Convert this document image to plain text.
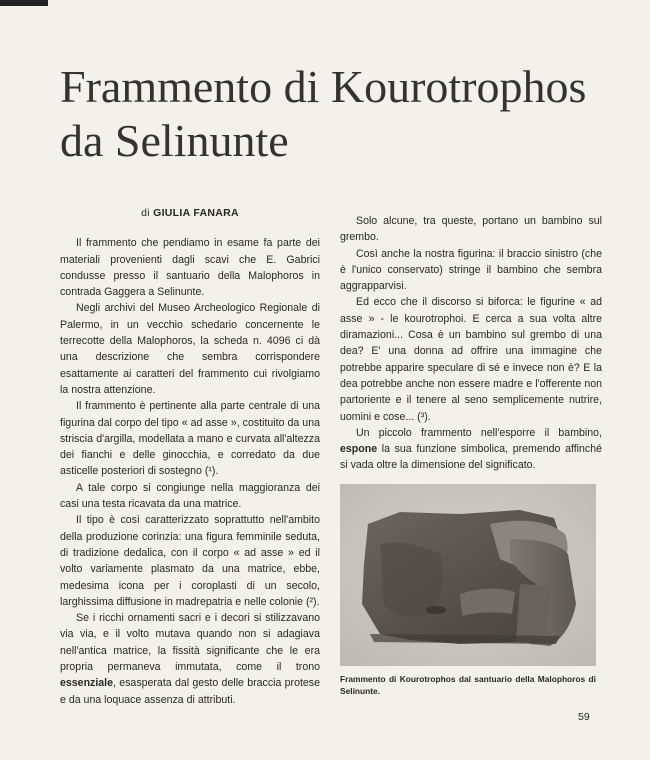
Frammento di Kourotrophos
da Selinunte
di GIULIA FANARA

Il frammento che pendiamo in esame fa parte dei materiali provenienti dagli scavi che E. Gabrici condusse presso il santuario della Malophoros in contrada Gaggera a Selinunte.

Negli archivi del Museo Archeologico Regionale di Palermo, in un vecchio schedario concernente le terrecotte della Malophoros, la scheda n. 4096 ci dà una descrizione che sembra corrispondere esattamente ai caratteri del frammento cui rivolgiamo la nostra attenzione.

Il frammento è pertinente alla parte centrale di una figurina dal corpo del tipo « ad asse », costituito da una striscia d'argilla, modellata a mano e curvata all'altezza dei fianchi e delle ginocchia, e corredato da due asticelle posteriori di sostegno (¹).

A tale corpo si congiunge nella maggioranza dei casi una testa ricavata da una matrice.

Il tipo è così caratterizzato soprattutto nell'ambito della produzione corinzia: una figura femminile seduta, di tradizione dedalica, con il corpo « ad asse » ed il volto variamente plasmato da una matrice, ebbe, medesima icona per i coroplasti di un secolo, larghissima diffusione in madrepatria e nelle colonie (²).

Se i ricchi ornamenti sacri e i decori si stilizzavano via via, e il volto mutava quando non si adagiava nell'antica matrice, la fissità significante che le era propria permaneva immutata, come il trono essenziale, esasperata dal gesto delle braccia protese e da una loquace assenza di attributi.

Solo alcune, tra queste, portano un bambino sul grembo.

Così anche la nostra figurina: il braccio sinistro (che è l'unico conservato) stringe il bambino che sembra aggrapparvisi.

Ed ecco che il discorso si biforca: le figurine « ad asse » - le kourotrophoi. E cerca a sua volta altre diramazioni... Cosa è un bambino sul grembo di una dea? E' una donna ad offrire una immagine che potrebbe apparire speculare di sé e invece non è? E la dea potrebbe anche non essere madre e l'offerente non partoriente e il tenere al seno semplicemente nutrire, uomini e cose... (³).

Un piccolo frammento nell'esporre il bambino, espone la sua funzione simbolica, premendo affinché si vada oltre la dimensione del significato.

Frammento di Kourotrophos dal santuario della Malophoros di Selinunte.
59
